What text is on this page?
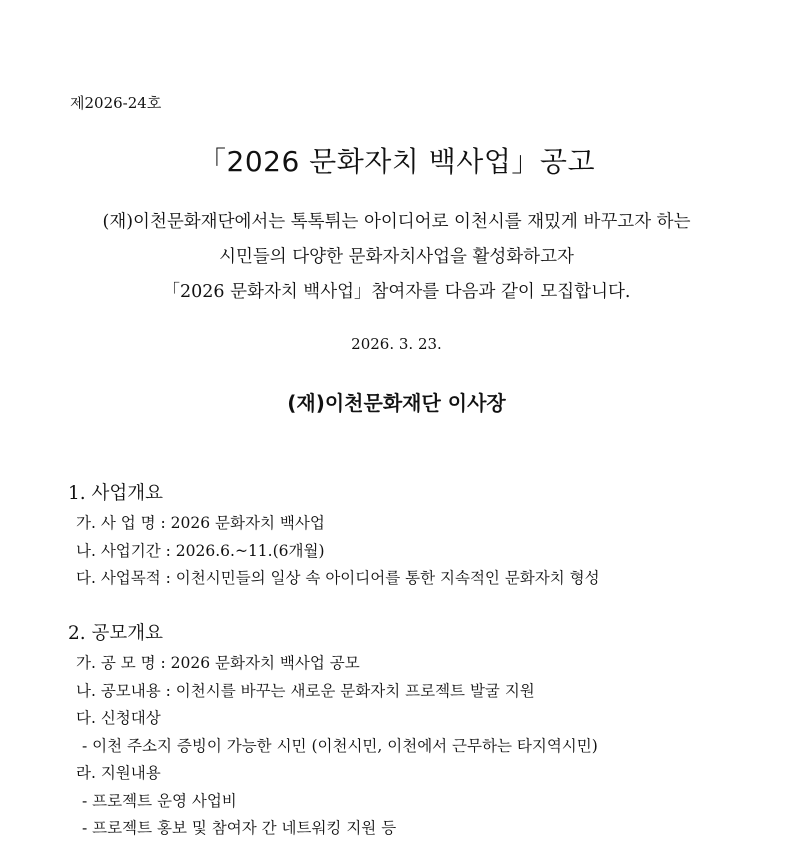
제2026-24호
「2026 문화자치 백사업」공고
(재)이천문화재단에서는 톡톡튀는 아이디어로 이천시를 재밌게 바꾸고자 하는
시민들의 다양한 문화자치사업을 활성화하고자
「2026 문화자치 백사업」참여자를 다음과 같이 모집합니다.
2026. 3. 23.
(재)이천문화재단 이사장
1. 사업개요
가. 사 업 명 : 2026 문화자치 백사업
나. 사업기간 : 2026.6.~11.(6개월)
다. 사업목적 : 이천시민들의 일상 속 아이디어를 통한 지속적인 문화자치 형성
2. 공모개요
가. 공 모 명 : 2026 문화자치 백사업 공모
나. 공모내용 : 이천시를 바꾸는 새로운 문화자치 프로젝트 발굴 지원
다. 신청대상
- 이천 주소지 증빙이 가능한 시민 (이천시민, 이천에서 근무하는 타지역시민)
라. 지원내용
- 프로젝트 운영 사업비
- 프로젝트 홍보 및 참여자 간 네트워킹 지원 등
